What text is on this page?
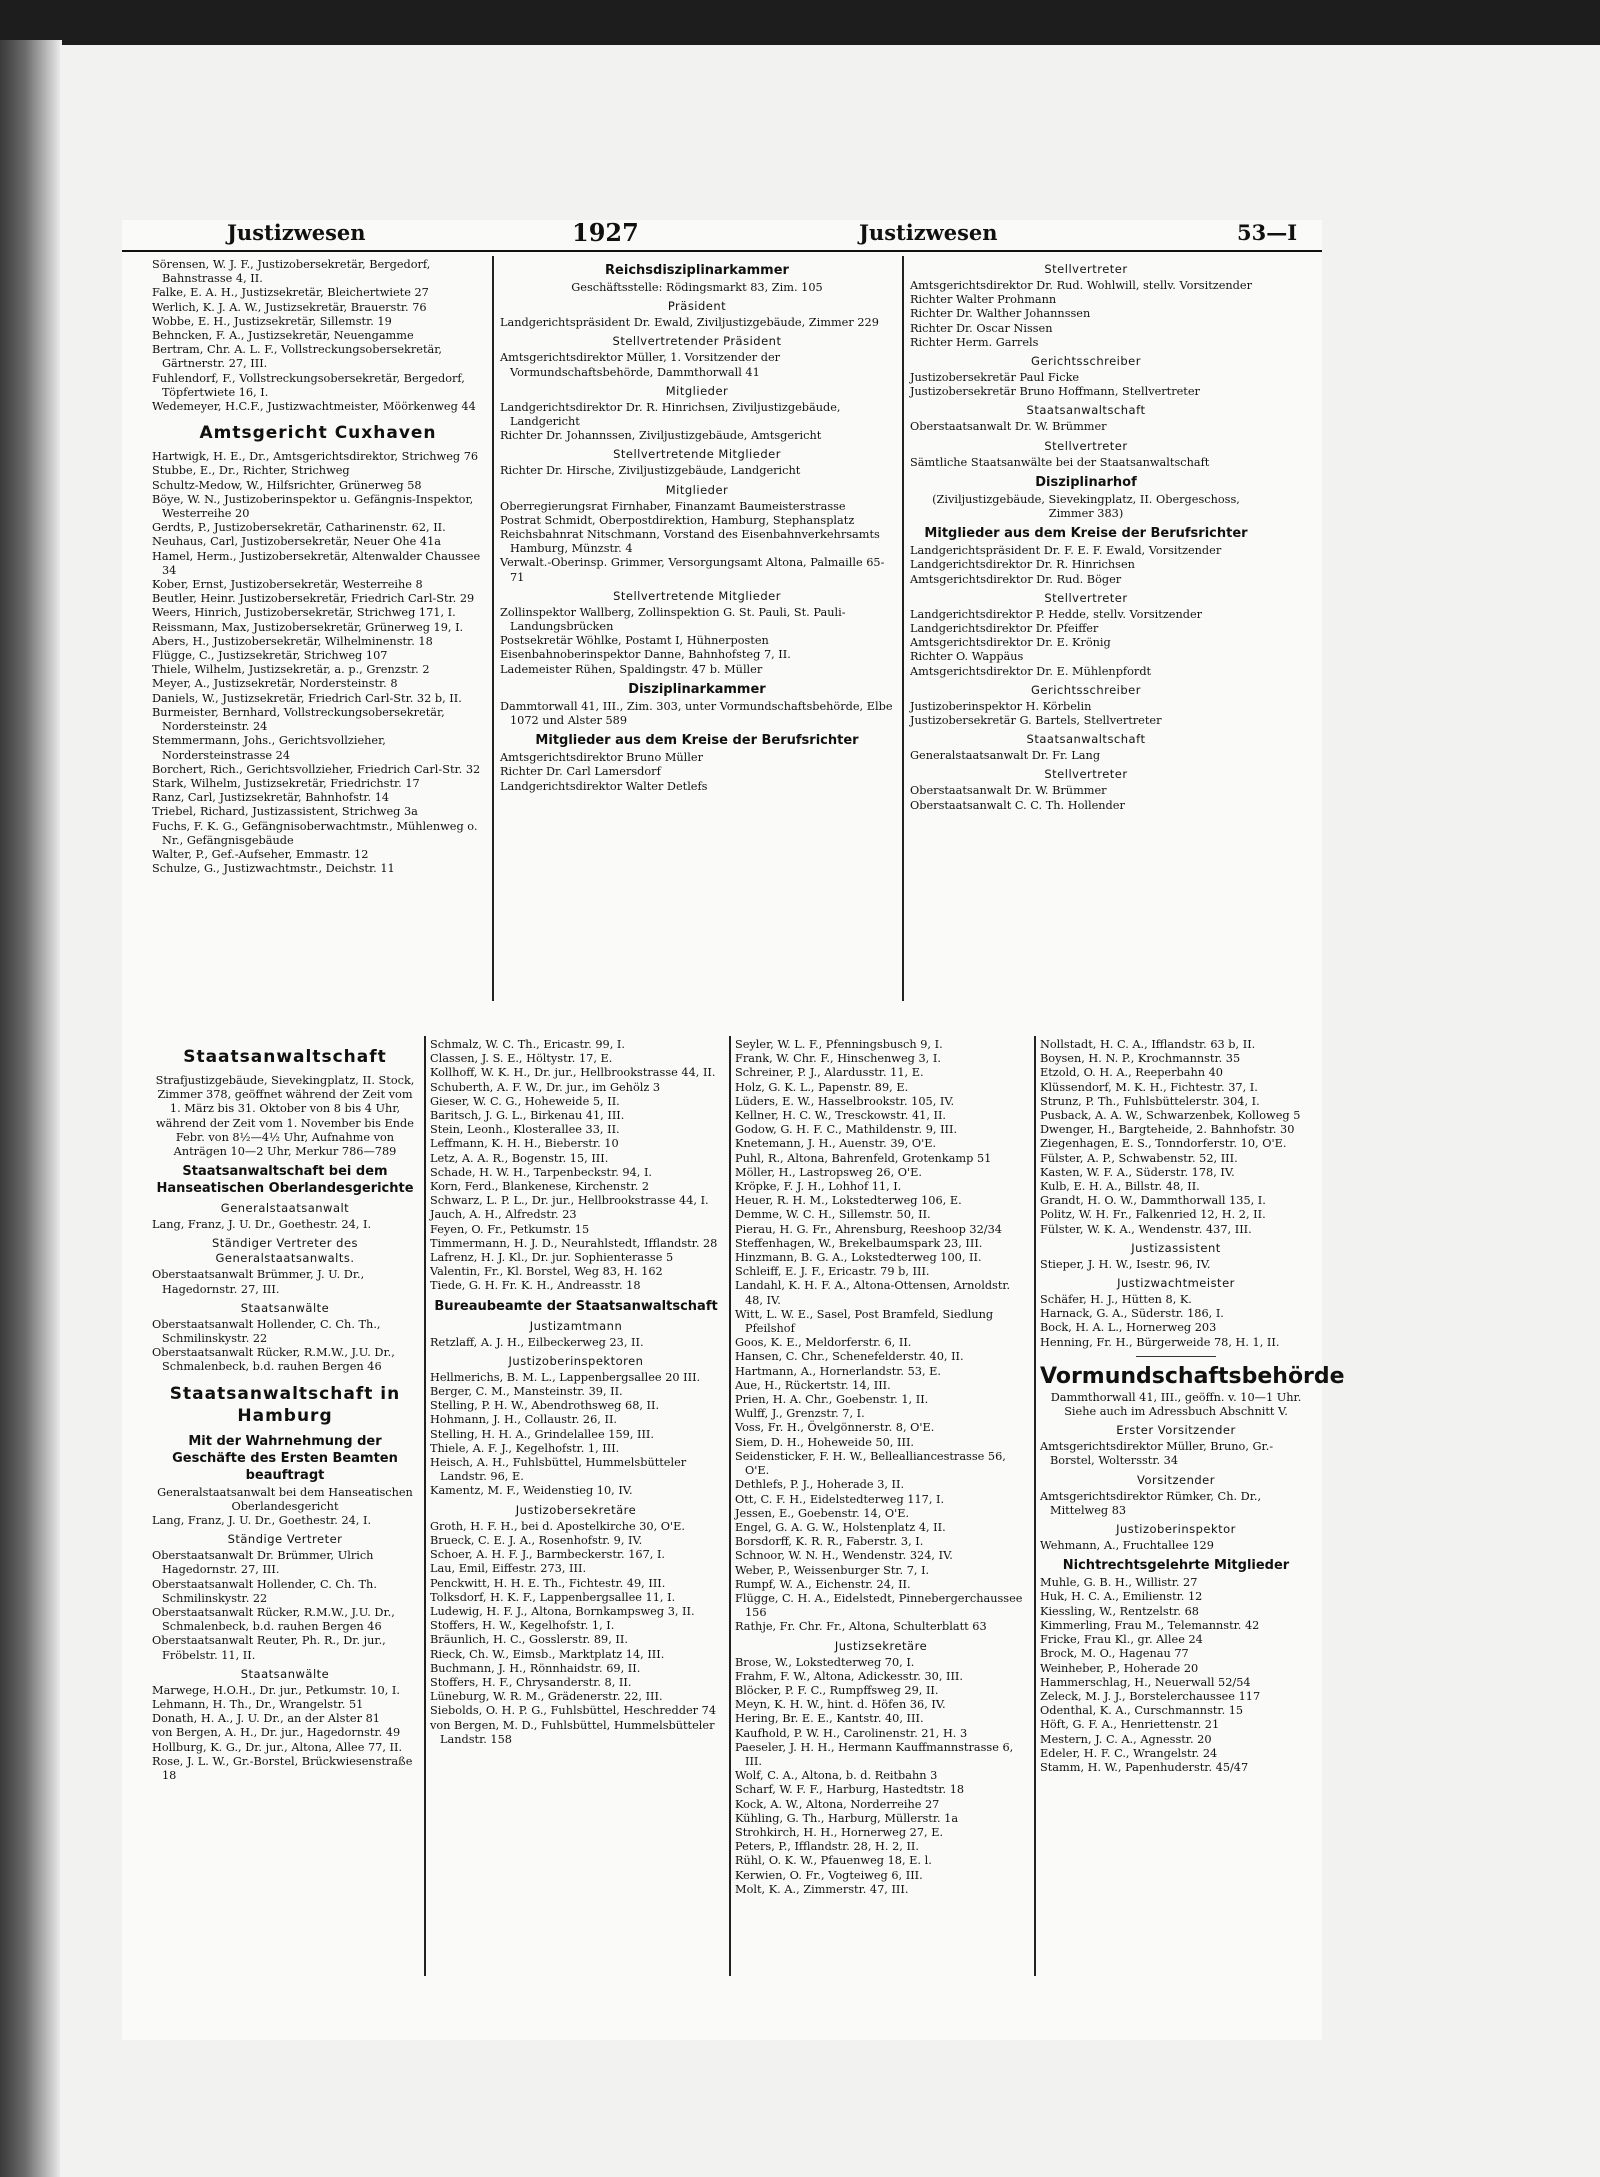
Justizwesen	1927	Justizwesen	53—I
Sörensen, W. J. F., Justizobersekretär, Bergedorf, Bahnstrasse 4, II.
Falke, E. A. H., Justizsekretär, Bleichertwiete 27
Werlich, K. J. A. W., Justizsekretär, Brauerstr. 76
Wobbe, E. H., Justizsekretär, Sillemstr. 19
Behncken, F. A., Justizsekretär, Neuengamme
Bertram, Chr. A. L. F., Vollstreckungsobersekretär, Gärtnerstr. 27, III.
Fuhlendorf, F., Vollstreckungsobersekretär, Bergedorf, Töpfertwiete 16, I.
Wedemeyer, H.C.F., Justizwachtmeister, Möörkenweg 44
Amtsgericht Cuxhaven
Hartwigk, H. E., Dr., Amtsgerichtsdirektor, Strichweg 76
Stubbe, E., Dr., Richter, Strichweg
Schultz-Medow, W., Hilfsrichter, Grünerweg 58
Böye, W. N., Justizoberinspektor u. Gefängnis-Inspektor, Westerreihe 20
Gerdts, P., Justizobersekretär, Catharinenstr. 62, II.
Neuhaus, Carl, Justizobersekretär, Neuer Ohe 41a
Hamel, Herm., Justizobersekretär, Altenwalder Chaussee 34
Kober, Ernst, Justizobersekretär, Westerreihe 8
Beutler, Heinr. Justizobersekretär, Friedrich Carl-Str. 29
Weers, Hinrich, Justizobersekretär, Strichweg 171, I.
Reissmann, Max, Justizobersekretär, Grünerweg 19, I.
Abers, H., Justizobersekretär, Wilhelminenstr. 18
Flügge, C., Justizsekretär, Strichweg 107
Thiele, Wilhelm, Justizsekretär, a. p., Grenzstr. 2
Meyer, A., Justizsekretär, Nordersteinstr. 8
Daniels, W., Justizsekretär, Friedrich Carl-Str. 32 b, II.
Burmeister, Bernhard, Vollstreckungsobersekretär, Nordersteinstr. 24
Stemmermann, Johs., Gerichtsvollzieher, Nordersteinstrasse 24
Borchert, Rich., Gerichtsvollzieher, Friedrich Carl-Str. 32
Stark, Wilhelm, Justizsekretär, Friedrichstr. 17
Ranz, Carl, Justizsekretär, Bahnhofstr. 14
Triebel, Richard, Justizassistent, Strichweg 3a
Fuchs, F. K. G., Gefängnisoberwachtmstr., Mühlenweg o. Nr., Gefängnisgebäude
Walter, P., Gef.-Aufseher, Emmastr. 12
Schulze, G., Justizwachtmstr., Deichstr. 11
Reichsdisziplinarkammer
Geschäftsstelle: Rödingsmarkt 83, Zim. 105
Präsident
Landgerichtspräsident Dr. Ewald, Ziviljustizgebäude, Zimmer 229
Stellvertretender Präsident
Amtsgerichtsdirektor Müller, 1. Vorsitzender der Vormundschaftsbehörde, Dammthorwall 41
Mitglieder
Landgerichtsdirektor Dr. R. Hinrichsen, Ziviljustizgebäude, Landgericht
Richter Dr. Johannssen, Ziviljustizgebäude, Amtsgericht
Stellvertretende Mitglieder
Richter Dr. Hirsche, Ziviljustizgebäude, Landgericht
Mitglieder
Oberregierungsrat Firnhaber, Finanzamt Baumeisterstrasse
Postrat Schmidt, Oberpostdirektion, Hamburg, Stephansplatz
Reichsbahnrat Nitschmann, Vorstand des Eisenbahnverkehrsamts Hamburg, Münzstr. 4
Verwalt.-Oberinsp. Grimmer, Versorgungsamt Altona, Palmaille 65-71
Stellvertretende Mitglieder
Zollinspektor Wallberg, Zollinspektion G. St. Pauli, St. Pauli-Landungsbrücken
Postsekretär Wöhlke, Postamt I, Hühnerposten
Eisenbahnoberinspektor Danne, Bahnhofsteg 7, II.
Lademeister Rühen, Spaldingstr. 47 b. Müller
Disziplinarkammer
Dammtorwall 41, III., Zim. 303, unter Vormundschaftsbehörde, Elbe 1072 und Alster 589
Mitglieder aus dem Kreise der Berufsrichter
Amtsgerichtsdirektor Bruno Müller
Richter Dr. Carl Lamersdorf
Landgerichtsdirektor Walter Detlefs
Stellvertreter
Amtsgerichtsdirektor Dr. Rud. Wohlwill, stellv. Vorsitzender
Richter Walter Prohmann
Richter Dr. Walther Johannssen
Richter Dr. Oscar Nissen
Richter Herm. Garrels
Gerichtsschreiber
Justizobersekretär Paul Ficke
Justizobersekretär Bruno Hoffmann, Stellvertreter
Staatsanwaltschaft
Oberstaatsanwalt Dr. W. Brümmer
Stellvertreter
Sämtliche Staatsanwälte bei der Staatsanwaltschaft
Disziplinarhof
(Ziviljustizgebäude, Sievekingplatz, II. Obergeschoss, Zimmer 383)
Mitglieder aus dem Kreise der Berufsrichter
Landgerichtspräsident Dr. F. E. F. Ewald, Vorsitzender
Landgerichtsdirektor Dr. R. Hinrichsen
Amtsgerichtsdirektor Dr. Rud. Böger
Stellvertreter
Landgerichtsdirektor P. Hedde, stellv. Vorsitzender
Landgerichtsdirektor Dr. Pfeiffer
Amtsgerichtsdirektor Dr. E. Krönig
Richter O. Wappäus
Amtsgerichtsdirektor Dr. E. Mühlenpfordt
Gerichtsschreiber
Justizoberinspektor H. Körbelin
Justizobersekretär G. Bartels, Stellvertreter
Staatsanwaltschaft
Generalstaatsanwalt Dr. Fr. Lang
Stellvertreter
Oberstaatsanwalt Dr. W. Brümmer
Oberstaatsanwalt C. C. Th. Hollender
Staatsanwaltschaft
Strafjustizgebäude, Sievekingplatz, II. Stock, Zimmer 378, geöffnet während der Zeit vom 1. März bis 31. Oktober von 8 bis 4 Uhr, während der Zeit vom 1. November bis Ende Febr. von 8½—4½ Uhr, Aufnahme von Anträgen 10—2 Uhr, Merkur 786—789
Staatsanwaltschaft bei dem Hanseatischen Oberlandesgerichte
Generalstaatsanwalt
Lang, Franz, J. U. Dr., Goethestr. 24, I.
Ständiger Vertreter des Generalstaatsanwalts.
Oberstaatsanwalt Brümmer, J. U. Dr., Hagedornstr. 27, III.
Staatsanwälte
Oberstaatsanwalt Hollender, C. Ch. Th., Schmilinskystr. 22
Oberstaatsanwalt Rücker, R.M.W., J.U. Dr., Schmalenbeck, b.d. rauhen Bergen 46
Staatsanwaltschaft in Hamburg
Mit der Wahrnehmung der Geschäfte des Ersten Beamten beauftragt
Generalstaatsanwalt bei dem Hanseatischen Oberlandesgericht
Lang, Franz, J. U. Dr., Goethestr. 24, I.
Ständige Vertreter
Oberstaatsanwalt Dr. Brümmer, Ulrich Hagedornstr. 27, III.
Oberstaatsanwalt Hollender, C. Ch. Th. Schmilinskystr. 22
Oberstaatsanwalt Rücker, R.M.W., J.U. Dr., Schmalenbeck, b.d. rauhen Bergen 46
Oberstaatsanwalt Reuter, Ph. R., Dr. jur., Fröbelstr. 11, II.
Staatsanwälte
Marwege, H.O.H., Dr. jur., Petkumstr. 10, I.
Lehmann, H. Th., Dr., Wrangelstr. 51
Donath, H. A., J. U. Dr., an der Alster 81
von Bergen, A. H., Dr. jur., Hagedornstr. 49
Hollburg, K. G., Dr. jur., Altona, Allee 77, II.
Rose, J. L. W., Gr.-Borstel, Brückwiesenstraße 18
Schmalz, W. C. Th., Ericastr. 99, I.
Classen, J. S. E., Höltystr. 17, E.
Kollhoff, W. K. H., Dr. jur., Hellbrookstrasse 44, II.
Schuberth, A. F. W., Dr. jur., im Gehölz 3
Gieser, W. C. G., Hoheweide 5, II.
Baritsch, J. G. L., Birkenau 41, III.
Stein, Leonh., Klosterallee 33, II.
Leffmann, K. H. H., Bieberstr. 10
Letz, A. A. R., Bogenstr. 15, III.
Schade, H. W. H., Tarpenbeckstr. 94, I.
Korn, Ferd., Blankenese, Kirchenstr. 2
Schwarz, L. P. L., Dr. jur., Hellbrookstrasse 44, I.
Jauch, A. H., Alfredstr. 23
Feyen, O. Fr., Petkumstr. 15
Timmermann, H. J. D., Neurahlstedt, Ifflandstr. 28
Lafrenz, H. J. Kl., Dr. jur. Sophienterasse 5
Valentin, Fr., Kl. Borstel, Weg 83, H. 162
Tiede, G. H. Fr. K. H., Andreasstr. 18
Bureaubeamte der Staatsanwaltschaft
Justizamtmann
Retzlaff, A. J. H., Eilbeckerweg 23, II.
Justizoberinspektoren
Hellmerichs, B. M. L., Lappenbergsallee 20 III.
Berger, C. M., Mansteinstr. 39, II.
Stelling, P. H. W., Abendrothsweg 68, II.
Hohmann, J. H., Collaustr. 26, II.
Stelling, H. H. A., Grindelallee 159, III.
Thiele, A. F. J., Kegelhofstr. 1, III.
Heisch, A. H., Fuhlsbüttel, Hummelsbütteler Landstr. 96, E.
Kamentz, M. F., Weidenstieg 10, IV.
Justizobersekretäre
Groth, H. F. H., bei d. Apostelkirche 30, O'E.
Brueck, C. E. J. A., Rosenhofstr. 9, IV.
Schoer, A. H. F. J., Barmbeckerstr. 167, I.
Lau, Emil, Eiffestr. 273, III.
Penckwitt, H. H. E. Th., Fichtestr. 49, III.
Tolksdorf, H. K. F., Lappenbergsallee 11, I.
Ludewig, H. F. J., Altona, Bornkampsweg 3, II.
Stoffers, H. W., Kegelhofstr. 1, I.
Bräunlich, H. C., Gosslerstr. 89, II.
Rieck, Ch. W., Eimsb., Marktplatz 14, III.
Buchmann, J. H., Rönnhaidstr. 69, II.
Stoffers, H. F., Chrysanderstr. 8, II.
Lüneburg, W. R. M., Grädenerstr. 22, III.
Siebolds, O. H. P. G., Fuhlsbüttel, Heschredder 74
von Bergen, M. D., Fuhlsbüttel, Hummelsbütteler Landstr. 158
Seyler, W. L. F., Pfenningsbusch 9, I.
Frank, W. Chr. F., Hinschenweg 3, I.
Schreiner, P. J., Alardusstr. 11, E.
Holz, G. K. L., Papenstr. 89, E.
Lüders, E. W., Hasselbrookstr. 105, IV.
Kellner, H. C. W., Tresckowstr. 41, II.
Godow, G. H. F. C., Mathildenstr. 9, III.
Knetemann, J. H., Auenstr. 39, O'E.
Puhl, R., Altona, Bahrenfeld, Grotenkamp 51
Möller, H., Lastropsweg 26, O'E.
Kröpke, F. J. H., Lohhof 11, I.
Heuer, R. H. M., Lokstedterweg 106, E.
Demme, W. C. H., Sillemstr. 50, II.
Pierau, H. G. Fr., Ahrensburg, Reeshoop 32/34
Steffenhagen, W., Brekelbaumspark 23, III.
Hinzmann, B. G. A., Lokstedterweg 100, II.
Schleiff, E. J. F., Ericastr. 79 b, III.
Landahl, K. H. F. A., Altona-Ottensen, Arnoldstr. 48, IV.
Witt, L. W. E., Sasel, Post Bramfeld, Siedlung Pfeilshof
Goos, K. E., Meldorferstr. 6, II.
Hansen, C. Chr., Schenefelderstr. 40, II.
Hartmann, A., Hornerlandstr. 53, E.
Aue, H., Rückertstr. 14, III.
Prien, H. A. Chr., Goebenstr. 1, II.
Wulff, J., Grenzstr. 7, I.
Voss, Fr. H., Övelgönnerstr. 8, O'E.
Siem, D. H., Hoheweide 50, III.
Seidensticker, F. H. W., Bellealliancestrasse 56, O'E.
Dethlefs, P. J., Hoherade 3, II.
Ott, C. F. H., Eidelstedterweg 117, I.
Jessen, E., Goebenstr. 14, O'E.
Engel, G. A. G. W., Holstenplatz 4, II.
Borsdorff, K. R. R., Faberstr. 3, I.
Schnoor, W. N. H., Wendenstr. 324, IV.
Weber, P., Weissenburger Str. 7, I.
Rumpf, W. A., Eichenstr. 24, II.
Flügge, C. H. A., Eidelstedt, Pinnebergerchaussee 156
Rathje, Fr. Chr. Fr., Altona, Schulterblatt 63
Justizsekretäre
Brose, W., Lokstedterweg 70, I.
Frahm, F. W., Altona, Adickesstr. 30, III.
Blöcker, P. F. C., Rumpffsweg 29, II.
Meyn, K. H. W., hint. d. Höfen 36, IV.
Hering, Br. E. E., Kantstr. 40, III.
Kaufhold, P. W. H., Carolinenstr. 21, H. 3
Paeseler, J. H. H., Hermann Kauffmannstrasse 6, III.
Wolf, C. A., Altona, b. d. Reitbahn 3
Scharf, W. F. F., Harburg, Hastedtstr. 18
Kock, A. W., Altona, Norderreihe 27
Kühling, G. Th., Harburg, Müllerstr. 1a
Strohkirch, H. H., Hornerweg 27, E.
Peters, P., Ifflandstr. 28, H. 2, II.
Rühl, O. K. W., Pfauenweg 18, E. l.
Kerwien, O. Fr., Vogteiweg 6, III.
Molt, K. A., Zimmerstr. 47, III.
Nollstadt, H. C. A., Ifflandstr. 63 b, II.
Boysen, H. N. P., Krochmannstr. 35
Etzold, O. H. A., Reeperbahn 40
Klüssendorf, M. K. H., Fichtestr. 37, I.
Strunz, P. Th., Fuhlsbüttelerstr. 304, I.
Pusback, A. A. W., Schwarzenbek, Kolloweg 5
Dwenger, H., Bargteheide, 2. Bahnhofstr. 30
Ziegenhagen, E. S., Tonndorferstr. 10, O'E.
Fülster, A. P., Schwabenstr. 52, III.
Kasten, W. F. A., Süderstr. 178, IV.
Kulb, E. H. A., Billstr. 48, II.
Grandt, H. O. W., Dammthorwall 135, I.
Politz, W. H. Fr., Falkenried 12, H. 2, II.
Fülster, W. K. A., Wendenstr. 437, III.
Justizassistent
Stieper, J. H. W., Isestr. 96, IV.
Justizwachtmeister
Schäfer, H. J., Hütten 8, K.
Harnack, G. A., Süderstr. 186, I.
Bock, H. A. L., Hornerweg 203
Henning, Fr. H., Bürgerweide 78, H. 1, II.
Vormundschaftsbehörde
Dammthorwall 41, III., geöffn. v. 10—1 Uhr.
Siehe auch im Adressbuch Abschnitt V.
Erster Vorsitzender
Amtsgerichtsdirektor Müller, Bruno, Gr.-Borstel, Woltersstr. 34
Vorsitzender
Amtsgerichtsdirektor Rümker, Ch. Dr., Mittelweg 83
Justizoberinspektor
Wehmann, A., Fruchtallee 129
Nichtrechtsgelehrte Mitglieder
Muhle, G. B. H., Willistr. 27
Huk, H. C. A., Emilienstr. 12
Kiessling, W., Rentzelstr. 68
Kimmerling, Frau M., Telemannstr. 42
Fricke, Frau Kl., gr. Allee 24
Brock, M. O., Hagenau 77
Weinheber, P., Hoherade 20
Hammerschlag, H., Neuerwall 52/54
Zeleck, M. J. J., Borstelerchaussee 117
Odenthal, K. A., Curschmannstr. 15
Höft, G. F. A., Henriettenstr. 21
Mestern, J. C. A., Agnesstr. 20
Edeler, H. F. C., Wrangelstr. 24
Stamm, H. W., Papenhuderstr. 45/47
